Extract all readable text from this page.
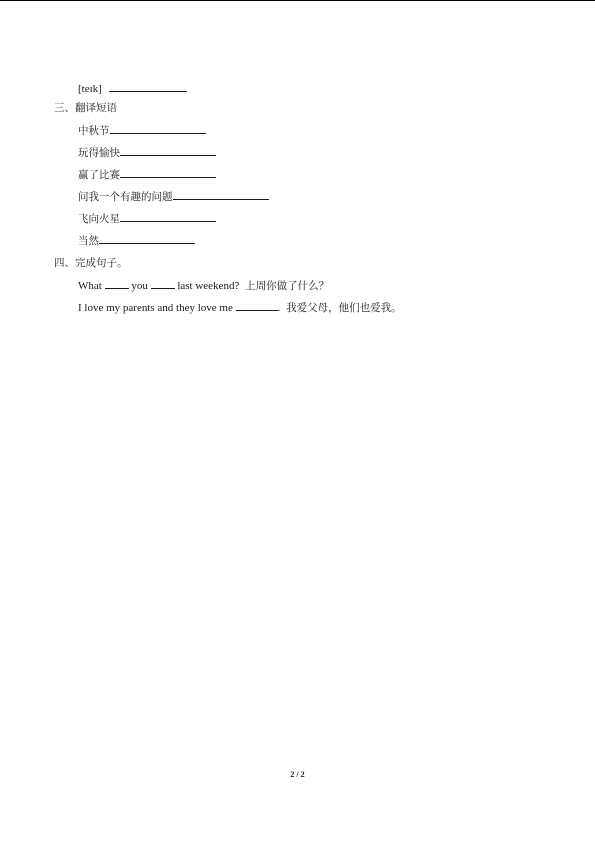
[teɪk]
三、翻译短语
中秋节
玩得愉快
赢了比赛
问我一个有趣的问题
飞向火星
当然
四、完成句子。
What	you	last weekend? 上周你做了什么？
I love my parents and they love me	. 我爱父母，他们也爱我。
2 / 2
